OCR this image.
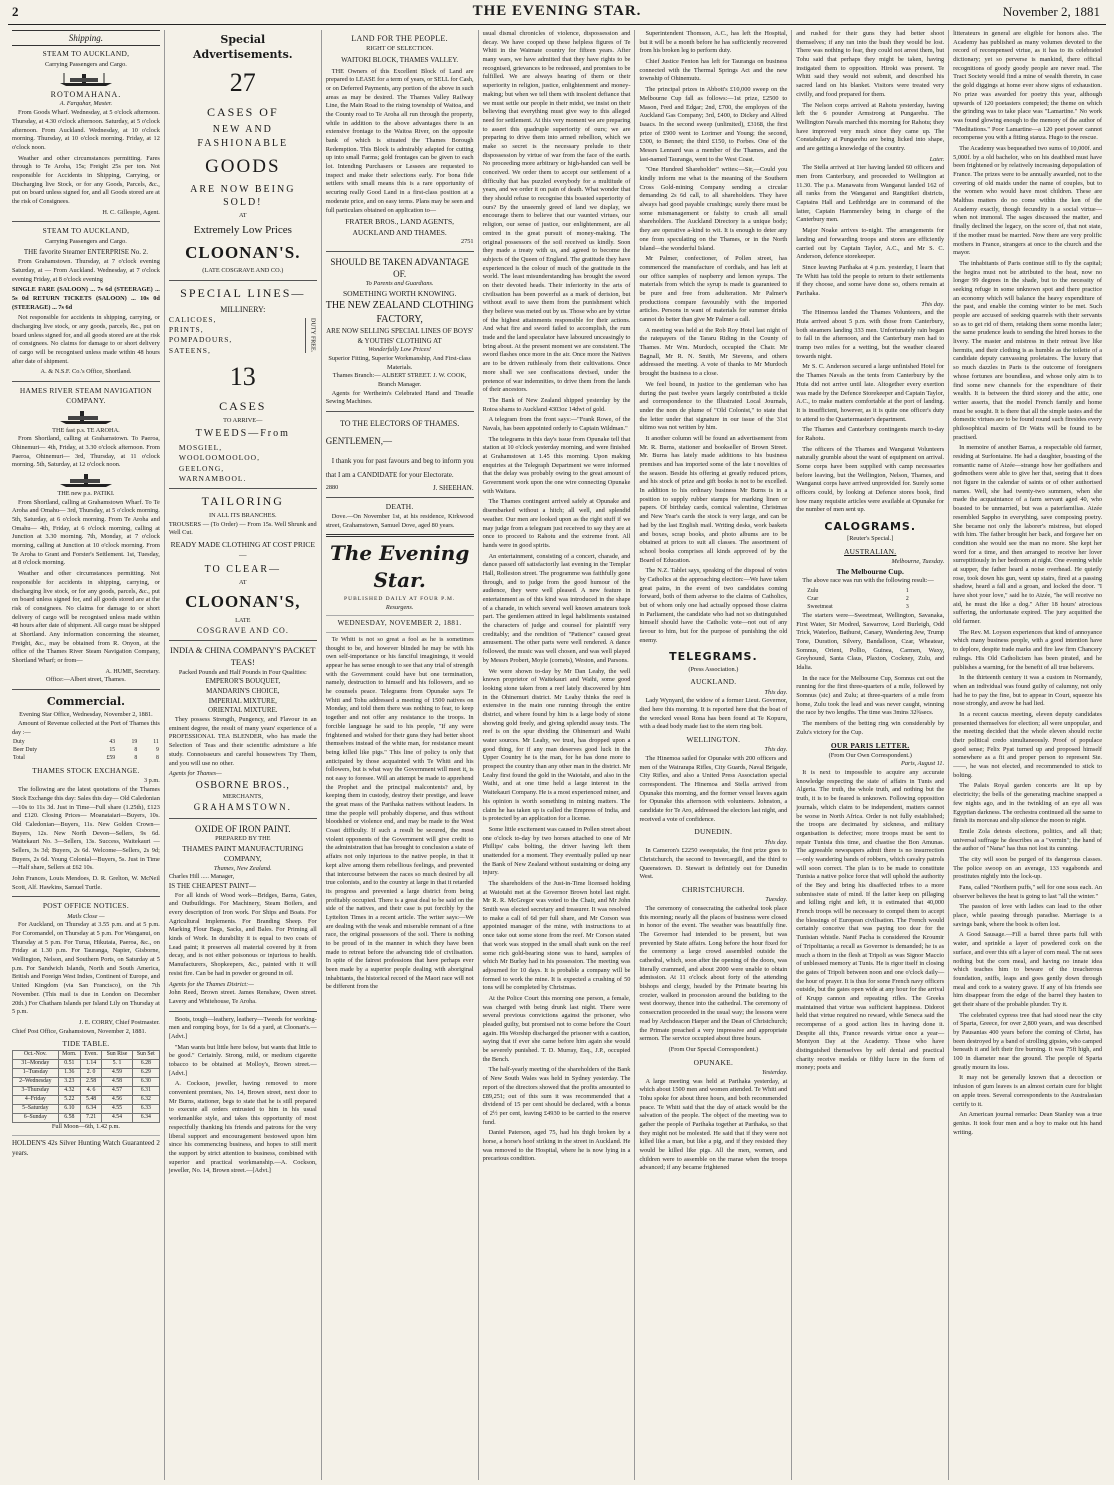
2	THE EVENING STAR.	November 2, 1881
Shipping.
STEAM TO AUCKLAND,
Carrying Passengers and Cargo.
ROTOMAHANA.
A. Farquhar, Master.

From Goods Wharf. Wednesday, at 5 o'clock afternoon. Thursday, at 4.30 o'clock afternoon. Saturday, at 5 o'clock afternoon. From Auckland. Wednesday, at 10 o'clock morning. Thursday, at 10 o'clock morning. Friday, at 12 o'clock noon.

Weather and other circumstances permitting. Fares through to Te Aroha, 15s; Freight 25s per ton. Not responsible for Accidents in Shipping, Carrying, or Discharging live Stock, or for any Goods, Parcels, &c., put on board unless signed for, and all Goods stored are at the risk of Consignees.

H. C. Gillespie, Agent.
STEAM TO AUCKLAND,
Carrying Passengers and Cargo.
THE favorite Steamer ENTERPRISE No. 2.

From Grahamstown. Thursday, at 7 o'clock evening Saturday, at — From Auckland. Wednesday, at 7 o'clock evening Friday, at 8 o'clock evening

SINGLE FARE (SALOON) ... 7s 6d (STEERAGE) ... 5s 0d RETURN TICKETS (SALOON) ... 10s 0d (STEERAGE) ... 7s 6d

Not responsible for accidents in shipping, carrying, or discharging live stock, or any goods, parcels, &c., put on board unless signed for, and all goods stored are at the risk of consignees. No claims for damage to or short delivery of cargo will be recognised unless made within 48 hours after date of shipment.

A. & N.S.F. Co.'s Office, Shortland.
HAMES RIVER STEAM NAVIGATION COMPANY.
THE fast p.s. TE AROHA.

From Shortland, calling at Grahamstown. To Paeroa, Ohinemuri— 4th, Friday, at 3.30 o'clock afternoon. From Paeroa, Ohinemuri— 3rd, Thursday, at 11 o'clock morning. 5th, Saturday, at 12 o'clock noon.

THE new p.s. PATIKI.

From Shortland, calling at Grahamstown Wharf. To Te Aroha and Omahu— 3rd, Thursday, at 5 o'clock morning. 5th, Saturday, at 6 o'clock morning. From Te Aroha and Omahu— 4th, Friday, at 6 o'clock morning, calling at Junction at 3.30 morning. 7th, Monday, at 7 o'clock morning, calling at Junction at 10 o'clock morning. From Te Aroha to Grant and Forster's Settlement. 1st, Tuesday, at 8 o'clock morning.

Weather and other circumstances permitting. Not responsible for accidents in shipping, carrying, or discharging live stock, or for any goods, parcels, &c., put on board unless signed for, and all goods stored are at the risk of consignees. No claims for damage to or short delivery of cargo will be recognised unless made within 48 hours after date of shipment. All cargo must be shipped at Shortland. Any information concerning the steamer, Freight, &c., may be obtained from R. Onyon, at the office of the Thames River Steam Navigation Company, Shortland Wharf; or from—

A. HUME, Secretary.
Office:—Albert street, Thames.
Commercial.
Evening Star Office, Wednesday, November 2, 1881.

Amount of Revenue collected at the Port of Thames this day :—

Duty	43	19	11
Beer Duty	15	8	9
Total	£59	8	8
THAMES STOCK EXCHANGE.
3 p.m.

The following are the latest quotations of the Thames Stock Exchange this day: Sales this day— Old Caledonian—10s to 11s 3d. Just in Time—Full share (1.25th), £123 and £120. Closing Prices— Moanataiari—Buyers, 10s. Old Caledonian—Buyers, 11s. New Golden Crown—Buyers, 12s. New North Devon—Sellers, 9s 6d. Waitekauri No. 3—Sellers, 13s. Success, Waitekauri — Sellers, 3s 3d; Buyers, 2s 6d. Welcome—Sellers, 2s 9d; Buyers, 2s 6d. Young Colonial—Buyers, 5s. Just in Time—Half share, Sellers at £62 10s.

John Frances, Louis Mendoes, D. R. Grelton, W. McNeil Scott, Alf. Hawkins, Samuel Turtle.

POST OFFICE NOTICES.
Mails Close —

For Auckland, on Thursday at 3.55 p.m. and at 5 p.m. For Coromandel, on Thursday at 5 p.m. For Wanganui, on Thursday at 5 p.m. For Turua, Hikutaia, Paeroa, &c., on Friday at 1.30 p.m. For Tauranga, Napier, Gisborne, Wellington, Nelson, and Southern Ports, on Saturday at 5 p.m. For Sandwich Islands, North and South America, British and Foreign West Indies, Continent of Europe, and United Kingdom (via San Francisco), on the 7th November. (This mail is due in London on December 20th.) For Chatham Islands per Island Lily on Thursday at 5 p.m.

J. E. CORRY, Chief Postmaster.
Chief Post Office, Grahamstown, November 2, 1881.
TIDE TABLE.
Oct.-Nov.	Morn.	Even.	Sun Rise	Sun Set
31–Monday	0.51	1.14	5. 1	6.28
1–Tuesday	1.36	2. 0	4.59	6.29
2–Wednesday	3.23	2.58	4.58	6.30
3–Thursday	4.32	4. 6	4.57	6.31
4–Friday	5.22	5.48	4.56	6.32
5–Saturday	6.10	6.34	4.55	6.33
6–Sunday	6.58	7.21	4.54	6.34
Full Moon—6th, 1.42 p.m.

HOLDEN'S 42s Silver Hunting Watch Guaranteed 2 years.

Special Advertisements.
27
CASES OF
NEW AND FASHIONABLE
GOODS
ARE NOW BEING SOLD!
AT
Extremely Low Prices
CLOONAN'S.
(LATE COSGRAVE AND CO.)
SPECIAL LINES—
MILLINERY:
CALICOES,
PRINTS,
POMPADOURS,
SATEENS,	DUTY FREE.
13
CASES
TO ARRIVE—
TWEEDS—From
MOSGIEL,
WOOLOOMOOLOO,
GEELONG,
WARNAMBOOL.
TAILORING
IN ALL ITS BRANCHES.

TROUSERS — (To Order) — From 15s. Well Shrunk and Well Cut.

READY MADE CLOTHING AT COST PRICE—
TO CLEAR—
AT
CLOONAN'S,
LATE
COSGRAVE AND CO.
INDIA & CHINA COMPANY'S PACKET TEAS!
Packed Pounds and Half Pounds in Four Qualities:
EMPEROR'S BOUQUET,
MANDARIN'S CHOICE,
IMPERIAL MIXTURE,
ORIENTAL MIXTURE.

They possess Strength, Pungency, and Flavour in an eminent degree, the result of many years' experience of a PROFESSIONAL TEA BLENDER, who has made the Selection of Teas and their scientific admixture a life study. Connoisseurs and careful housewives Try Them, and you will use no other.

Agents for Thames—
OSBORNE BROS.,
MERCHANTS,
GRAHAMSTOWN.
OXIDE OF IRON PAINT.
PREPARED BY THE
THAMES PAINT MANUFACTURING COMPANY,
Thames, New Zealand.
Charles Hill ..... Manager,
IS THE CHEAPEST PAINT—

For all kinds of Wood work—Bridges, Barns, Gates, and Outbuildings. For Machinery, Steam Boilers, and every description of Iron work. For Ships and Boats. For Agricultural Implements. For Branding Sheep. For Marking Flour Bags, Sacks, and Bales. For Priming all kinds of Work. In durability it is equal to two coats of Lead paint; it preserves all material covered by it from decay, and is not either poisonous or injurious to health. Manufacturers, Shopkeepers, &c., painted with it will resist fire. Can be had in powder or ground in oil.

Agents for the Thames District:—

John Reed, Brown street. James Renshaw, Owen street. Lavery and Whitehouse, Te Aroha.

Boots, tough—leathery, leathery—Tweeds for working-men and romping boys, for 1s 6d a yard, at Cloonan's.—[Advt.]

"Man wants but little here below, but wants that little to be good." Certainly. Strong, mild, or medium cigarette tobacco to be obtained at Molloy's, Brown street.—[Advt.]

A. Cockson, jeweller, having removed to more convenient premises, No. 14, Brown street, next door to Mr Burns, stationer, begs to state that he is still prepared to execute all orders entrusted to him in his usual workmanlike style, and takes this opportunity of most respectfully thanking his friends and patrons for the very liberal support and encouragement bestowed upon him since his commencing business, and hopes to still merit the support by strict attention to business, combined with superior and practical workmanship.—A. Cockson, jeweller, No. 14, Brown street.—[Advt.]

LAND FOR THE PEOPLE.
RIGHT OF SELECTION.
WAITOKI BLOCK, THAMES VALLEY.

THE Owners of this Excellent Block of Land are prepared to LEASE for a term of years, or SELL for Cash, or on Deferred Payments, any portion of the above in such areas as may be desired. The Thames Valley Railway Line, the Main Road to the rising township of Waitoa, and the County road to Te Aroha all run through the property, while in addition to the above advantages there is an extensive frontage to the Waitoa River, on the opposite bank of which is situated the Thames Borough Redemption. This Block is admirably adapted for cutting up into small Farms; gold frontages can be given to each lot. Intending Purchasers or Lessees are requested to inspect and make their selections early. For bona fide settlers with small means this is a rare opportunity of securing really Good Land in a first-class position at a moderate price, and on easy terms. Plans may be seen and full particulars obtained on application to—

FRATER BROS., LAND AGENTS, AUCKLAND AND THAMES.
2751
SHOULD BE TAKEN ADVANTAGE OF.
To Parents and Guardians.
SOMETHING WORTH KNOWING.
THE NEW ZEALAND CLOTHING FACTORY,
ARE NOW SELLING SPECIAL LINES OF BOYS' & YOUTHS' CLOTHING AT
Wonderfully Low Prices!
Superior Fitting, Superior Workmanship, And First-class Materials.
Thames Branch:— ALBERT STREET. J. W. COOK, Branch Manager.

Agents for Wertheim's Celebrated Hand and Treadle Sewing Machines.

TO THE ELECTORS OF THAMES.
GENTLEMEN,—

I thank you for past favours and beg to inform you that I am a CANDIDATE for your Electorate.

2880	J. SHEEHAN.
DEATH.

Dove.—On November 1st, at his residence, Kirkwood street, Grahamstown, Samuel Dove, aged 80 years.

The Evening Star.
PUBLISHED DAILY AT FOUR P.M.
Resurgens.
WEDNESDAY, NOVEMBER 2, 1881.

Te Whiti is not so great a fool as he is sometimes thought to be, and however blinded he may be with his own self-importance or his fanciful imaginings, it would appear he has sense enough to see that any trial of strength with the Government could have but one termination, namely, destruction to himself and his followers, and so he counsels peace. Telegrams from Opunake says Te Whiti and Tohu addressed a meeting of 1500 natives on Monday, and told them there was nothing to fear, to keep together and not offer any resistance to the troops. In forcible language he said to his people, "If any were frightened and wished for their guns they had better shoot themselves instead of the white man, for resistance meant being killed like pigs." This line of policy is only that anticipated by those acquainted with Te Whiti and his followers, but is what way the Government will meet it, is not easy to foresee. Will an attempt be made to apprehend the Prophet and the principal malcontents? and, by keeping them in custody, destroy their prestige, and leave the great mass of the Parihaka natives without leaders. In time the people will probably disperse, and thus without bloodshed or violence end, and may be made to the West Coast difficulty. If such a result be secured, the most violent opponents of the Government will give credit to the administration that has brought to conclusion a state of affairs not only injurious to the native people, in that it kept alive among them rebellious feelings, and prevented that intercourse between the races so much desired by all true colonists, and to the country at large in that it retarded its progress and prevented a large district from being profitably occupied. There is a great deal to be said on the side of the natives, and their case is put forcibly by the Lyttelton Times in a recent article. The writer says:—We are dealing with the weak and miserable remnant of a fine race, the original possessors of the soil. There is nothing to be proud of in the manner in which they have been made to retreat before the advancing tide of civilisation. In spite of the fairest professions that have perhaps ever been made by a superior people dealing with aboriginal inhabitants, the historical record of the Maori race will not be different from the

usual dismal chronicles of violence, dispossession and decay. We have cooped up these helpless figures of Te Whiti in the Waimate country for fifteen years. After many wars, we have admitted that they have rights to be recognised, grievances to be redressed, and promises to be fulfilled. We are always hearing of them or their superiority in religion, justice, enlightenment and money-making; but when we tell them with insolent defiance that we must settle our people in their midst, we insist on their believing that everything must give way to this alleged need for settlement. At this very moment we are preparing to assert this quadruple superiority of ours; we are preparing to drive them into armed rebellion, which we make so secret is the necessary prelude to their dispossession by virtue of war from the face of the earth. No proceeding more arbitrary or high-handed can well be conceived. We order them to accept our settlement of a difficulty that has puzzled everybody for a multitude of years, and we order it on pain of death. What wonder that they should refuse to recognise this boasted superiority of ours? By the unseemly greed of land we display, we encourage them to believe that our vaunted virtues, our religion, our sense of justice, our enlightenment, are all centred in the great pursuit of money-making. The original possessors of the soil received us kindly. Soon they made a treaty with us, and agreed to become the subjects of the Queen of England. The gratitude they have experienced is the colour of much of the gratitude in the world. The least misunderstanding has brought the sword on their devoted heads. Their inferiority in the arts of civilisation has been powerful as a mark of derision, but without avail to save them from the punishment which they believe was meted out by us. Those who are by virtue of the highest attainments responsible for their actions. And what fire and sword failed to accomplish, the rum trade and the land speculator have laboured unceasingly to bring about. At the present moment we are consistent. The sword flashes once more in the air. Once more the Natives are to be driven ruthlessly from their cultivations. Once more shall we see confiscations devised, under the pretence of war indemnities, to drive them from the lands of their ancestors.

The Bank of New Zealand shipped yesterday by the Rotoa shams to Auckland 4303oz 14dwt of gold.

A telegram from the front says:—"Frank Rowe, of the Navals, has been appointed orderly to Captain Wildman."

The telegrams in this day's issue from Opunake tell that station at 10 o'clock yesterday morning, and were finished at Grahamstown at 1.45 this morning. Upon making enquiries at the Telegraph Department we were informed that the delay was probably owing to the great amount of Government work upon the one wire connecting Opunake with Waitara.

The Thames contingent arrived safely at Opunake and disembarked without a hitch; all well, and splendid weather. Our men are looked upon as the right stuff if we may judge from a telegram just received to say they are at once to proceed to Rahotu and the extreme front. All hands were in good spirits.

An entertainment, consisting of a concert, charade, and dance passed off satisfactorily last evening in the Templar Hall, Rolleston street. The programme was faithfully gone through, and to judge from the good humour of the audience, they were well pleased. A new feature in entertainment as of this kind was introduced in the shape of a charade, in which several well known amateurs took part. The gentlemen attired in legal habiliments sustained the characters of judge and counsel for plaintiff very creditably; and the rendition of "Patience" caused great amusement. The other parts were well rendered. A dance followed, the music was well chosen, and was well played by Messrs Probert, Moyle (cornets), Weston, and Parsons.

We were shown to-day by Mr Dan Leahy, the well known proprietor of Waitekauri and Waihi, some good looking stone taken from a reef lately discovered by him in the Ohinemuri district. Mr Leahy thinks the reef is extensive in the main one running through the entire district, and where found by him is a large body of stone showing gold freely, and giving splendid assay tests. The reef is on the spur dividing the Ohinemuri and Waihi water sources. Mr Leahy, we trust, has dropped upon a good thing, for if any man deserves good luck in the Upper Country he is the man, for he has done more to prospect the country than any other man in the district. Mr Leahy first found the gold in the Waiotahi, and also in the Waihi, and at one time held a large interest in the Waitekauri Company. He is a most experienced miner, and his opinion is worth something in mining matters. The claim he has taken up is called the Empress of India, and is protected by an application for a license.

Some little excitement was caused in Pollen street about one o'clock to-day by two horses attached to one of Mr Phillips' cabs bolting, the driver having left them unattended for a moment. They eventually pulled up near the Bank of New Zealand without sustaining or doing any injury.

The shareholders of the Just-in-Time licensed holding at Waiotahi met at the Governor Brown hotel last night. Mr R. R. McGregor was voted to the Chair, and Mr John Smith was elected secretary and treasurer. It was resolved to make a call of 6d per full share, and Mr Corson was appointed manager of the mine, with instructions to at once take out some stone from the reef. Mr Corson stated that work was stopped in the small shaft sunk on the reef some rich gold-bearing stone was to hand, samples of which Mr Burley had in his possession. The meeting was adjourned for 10 days. It is probable a company will be formed to work the mine. It is expected a crushing of 50 tons will be completed by Christmas.

At the Police Court this morning one person, a female, was charged with being drunk last night. There were several previous convictions against the prisoner, who pleaded guilty, but promised not to come before the Court again. His Worship discharged the prisoner with a caution, saying that if ever she came before him again she would be severely punished. T. D. Murray, Esq., J.P., occupied the Bench.

The half-yearly meeting of the shareholders of the Bank of New South Wales was held in Sydney yesterday. The report of the directors showed that the profits amounted to £89,251; out of this sum it was recommended that a dividend of 15 per cent should be declared, with a bonus of 2½ per cent, leaving £4930 to be carried to the reserve fund.

Daniel Paterson, aged 75, had his thigh broken by a horse, a horse's hoof striking in the street in Auckland. He was removed to the Hospital, where he is now lying in a precarious condition.

Superintendent Thomson, A.C., has left the Hospital, but it will be a month before he has sufficiently recovered from his broken leg to perform duty.

Chief Justice Fenton has left for Tauranga on business connected with the Thermal Springs Act and the new township of Ohinemutu.

The principal prizes in Abbott's £10,000 sweep on the Melbourne Cup fall as follows:—1st prize, £2500 to Mason, Fred and Edgar; 2nd, £700, the employes of the Auckland Gas Company; 3rd, £400, to Dickey and Alfred Isaacs. In the second sweep (unlimited), £3168, the first prize of £900 went to Lorimer and Young; the second, £300, to Bennet; the third £150, to Forbes. One of the Messrs Lennard was a member of the Thames, and the last-named Tauranga, went to the West Coast.

"One Hundred Shareholder" writes:—Sir,—Could you kindly inform me what is the meaning of the Southern Cross Gold-mining Company sending a circular demanding 2s 6d call, to all shareholders. They have always had good payable crushings; surely there must be some mismanagement or falsity to crush all small shareholders. The Auckland Directory is a unique body; they are operative a-kind to wit. It is enough to deter any one from speculating on the Thames, or in the North Island—the wonderful Island.

Mr Palmer, confectioner, of Pollen street, has commenced the manufacture of cordials, and has left at our office samples of raspberry and lemon syrups. The materials from which the syrup is made is guaranteed to be pure and free from adulteration. Mr Palmer's productions compare favourably with the imported articles. Persons in want of materials for summer drinks cannot do better than give Mr Palmer a call.

A meeting was held at the Rob Roy Hotel last night of the ratepayers of the Tararu Riding in the County of Thames. Mr Wm. Murdoch, occupied the Chair. Mr Bagnall, Mr R. N. Smith, Mr Stevens, and others addressed the meeting. A vote of thanks to Mr Murdoch brought the business to a close.

We feel bound, in justice to the gentleman who has during the past twelve years largely contributed a tickle and correspondence to the Illustrated Local Journals, under the nom de plume of "Old Colonist," to state that the letter under that signature in our issue of the 31st ultimo was not written by him.

It another column will be found an advertisement from Mr. R. Burns, stationer and bookseller of Brown Street. Mr. Burns has lately made additions to his business premises and has imported some of the late t novelties of the season. Beside his offering at greatly reduced prices, and his stock of prize and gift books is not to be excelled. In addition to his ordinary business Mr Burns is in a position to supply rubber stamps for marking linen or papers. Of birthday cards, comical valentine, Christmas and New Year's cards the stock is very large, and can be had by the last English mail. Writing desks, work baskets and boxes, scrap books, and photo albums are to be obtained at prices to suit all classes. The assortment of school books comprises all kinds approved of by the Board of Education.

The N.Z. Tablet says, speaking of the disposal of votes by Catholics at the approaching election:—We have taken great pains, in the event of two candidates coming forward, both of them adverse to the claims of Catholics, but of whom only one had actually opposed those claims in Parliament, the candidate who had not so distinguished himself should have the Catholic vote—not out of any favour to him, but for the purpose of punishing the old enemy.

TELEGRAMS.
(Press Association.)
AUCKLAND.
This day.

Lady Wynyard, the widow of a former Lieut. Governor, died here this morning. It is reported here that the boat of the wrecked vessel Rona has been found at Te Kopuru, with a dead body made fast to the stern ring bolt.

WELLINGTON.
This day.

The Hinemoa sailed for Opunake with 200 officers and men of the Wairarapa Rifles, City Guards, Naval Brigade, City Rifles, and also a United Press Association special correspondent. The Hinemoa and Stella arrived from Opunake this morning, and the former vessel leaves again for Opunake this afternoon with volunteers. Johnston, a candidate for Te Aro, addressed the electors last night, and received a vote of confidence.

DUNEDIN.
This day.

In Cameron's £2250 sweepstake, the first prize goes to Christchurch, the second to Invercargill, and the third to Queenstown. D. Stewart is definitely out for Dunedin West.

CHRISTCHURCH.
Tuesday.

The ceremony of consecrating the cathedral took place this morning; nearly all the places of business were closed in honor of the event. The weather was beautifully fine. The Governor had intended to be present, but was prevented by State affairs. Long before the hour fixed for the ceremony a large crowd assembled outside the cathedral, which, soon after the opening of the doors, was literally crammed, and about 2000 were unable to obtain admission. At 11 o'clock about forty of the attending bishops and clergy, headed by the Primate bearing his crozier, walked in procession around the building to the west doorway, thence into the cathedral. The ceremony of consecration proceeded in the usual way; the lessons were read by Archdeacon Harper and the Dean of Christchurch; the Primate preached a very impressive and appropriate sermon. The service occupied about three hours.

(From Our Special Correspondent.)
OPUNAKE.
Yesterday.

A large meeting was held at Parihaka yesterday, at which about 1500 men and women attended. Te Whiti and Tohu spoke for about three hours, and both recommended peace. Te Whiti said that the day of attack would be the salvation of the people. The object of the meeting was to gather the people of Parihaka together at Parihaka, so that they might not be molested. He said that if they were not killed like a man, but like a pig, and if they resisted they would be killed like pigs. All the men, women, and children were to assemble on the marae when the troops advanced; if any became frightened

and rushed for their guns they had better shoot themselves; if any ran into the bush they would be lost. There was nothing to fear, they could not arrest them, but Tohu said that perhaps they might be taken, having instigated them to opposition. Hiroki was present. Te Whiti said they would not submit, and described his sacred land on his blanket. Visitors were treated very civilly, and food prepared for them.

The Nelson corps arrived at Rahotu yesterday, having left the 6 pounder Armstrong at Pungarehu. The Wellington Navals marched this morning for Rahotu; they have improved very much since they came up. The Constabulary at Pungarehu are being licked into shape, and are getting a knowledge of the country.

Later.

The Stella arrived at 1ter having landed 60 officers and men from Canterbury, and proceeded to Wellington at 11.30. The p.s. Manawatu from Wanganui landed 162 of all ranks from the Wanganui and Rangitikei districts, Captains Hall and Lethbridge are in command of the latter, Captain Hammersley being in charge of the Canterbury men.

Major Noake arrives to-night. The arrangements for landing and forwarding troops and stores are efficiently carried out by Captain Taylor, A.C., and Mr S. C. Anderson, defence storekeeper.

Since leaving Parihaka at 4 p.m. yesterday, I learn that Te Whiti has told the people to return to their settlements if they choose, and some have done so, others remain at Parihaka.

This day.

The Hinemoa landed the Thames Volunteers, and the Huia arrived about 5 p.m. with those from Canterbury, both steamers landing 333 men. Unfortunately rain began to fall in the afternoon, and the Canterbury men had to tramp two miles for a wetting, but the weather cleared towards night.

Mr S. C. Anderson secured a large unfinished Hotel for the Thames Navals as the tents from Canterbury by the Huia did not arrive until late. Altogether every exertion was made by the Defence Storekeeper and Captain Taylor, A.C., to make matters comfortable at the port of landing. It is insufficient, however, as it is quite one officer's duty to attend to the Quartermaster's department.

The Thames and Canterbury contingents march to-day for Rahotu.

The officers of the Thames and Wanganui Volunteers naturally grumble about the want of equipment on arrival. Some corps have been supplied with camp necessaries before leaving, but the Wellington, Nelson, Thames, and Wanganui corps have arrived unprovided for. Surely some officers could, by looking at Defence stores book, find how many requisite articles were available at Opunake for the number of men sent up.

CALOGRAMS.
[Reuter's Special.]
AUSTRALIAN.
Melbourne, Tuesday.
The Melbourne Cup.

The above race was run with the following result:—

Zulu	1
Czar	2
Sweetmeat	3

The starters were—Sweetmeat, Wellington, Savanaka, First Water, Sir Modred, Sawarrow, Lord Burleigh, Odd Trick, Waterloo, Bathurst, Canary, Wandering Jew, Trump Tone, Duration, Silvery, Bandalloon, Czar, Wheatear, Somnus, Orient, Pollio, Guinea, Carmen, Waxy, Greyhound, Santa Claus, Plaxton, Cockney, Zulu, and Idalia.

In the race for the Melbourne Cup, Somnus cut out the running for the first three-quarters of a mile, followed by Somnus (sic) and Zulu; at three-quarters of a mile from home, Zulu took the lead and was never caught, winning the race by two lengths. The time was 3mins 32¾secs.

The members of the betting ring win considerably by Zulu's victory for the Cup.

OUR PARIS LETTER.
(From Our Own Correspondent.)
Paris, August 11.

It is next to impossible to acquire any accurate knowledge respecting the state of affairs in Tunis and Algeria. The truth, the whole truth, and nothing but the truth, it is to be feared is unknown. Following opposition journals, which claim to be independent, matters cannot be worse in North Africa. Order is not fully established; the troops are decimated by sickness, and military organisation is defective; more troops must be sent to repair Tunisia this time, and chastise the Bon Amunas. The agreeable newspapers admit there is no insurrection—only wandering bands of robbers, which cavalry patrols will soon correct. The plan is to be made to constitute Tunisia a native police force that will uphold the authority of the Bey and bring his disaffected tribes to a more submissive state of mind. If the latter keep on pillaging and killing right and left, it is estimated that 40,000 French troops will be necessary to compel them to accept the blessings of European civilisation. The French would certainly conceive that was paying too dear for the Tunisian whistle. Nanif Pacha is considered the Kroumir of Tripolitania; a recall as Governor is demanded; he is as much a thorn in the flesh at Tripoli as was Signor Maccio of unblessed memory at Tunis. He is rigor itself in closing the gates of Tripoli between noon and one o'clock daily—the hour of prayer. It is thus for some French navy officers outside, but the gates open wide at any hour for the arrival of Krupp cannon and repeating rifles. The Greeks maintained that virtue was sufficient happiness. Didorot held that virtue required no reward, while Seneca said the recompense of a good action lies in having done it. Despite all this, France rewards virtue once a year—Montyon Day at the Academy. Those who have distinguished themselves by self denial and practical charity receive medals or filthy lucre in the form of money; poets and

litterateurs in general are eligible for honors also. The Academy has published as many volumes devoted to the record of recompensed virtue, as it has to its celebrated dictionary; yet so perverse is mankind, there official recognitions of goody goody people are never read. The Tract Society would find a mine of wealth therein, in case the gold diggings at home ever show signs of exhaustion. No prize was awarded for poetry this year, although upwards of 120 poetasters competed; the theme on which the grinding was to take place was "Lamartine." No work was found glowing enough to the memory of the author of "Meditations." Poor Lamartine—a 120 poet power cannot recompense you with a fitting stanza. Hugo to the rescue.

The Academy was bequeathed two sums of 10,000f. and 5,000f. by a old bachelor, who on his deathbed must have been frightened or by relatively increasing depopulation of France. The prizes were to be annually awarded, not to the covering of old maids under the name of couples, but to the women who would have most children. These are Malthus matters do no come within the ken of the Academy exactly, though fecundity is a social virtue—when not immoral. The sages discussed the matter, and finally declined the legacy, on the score of, that not state, if the mother must be married. Now there are very prolific mothers in France, strangers at once to the church and the mayor.

The inhabitants of Paris continue still to fly the capital; the hegira must not be attributed to the heat, now no longer 99 degrees in the shade, but to the necessity of seeking refuge in some unknown spot and there practice an economy which will balance the heavy expenditure of the past, and enable the coming winter to be met. Such people are accused of seeking quarrels with their servants so as to get rid of them, retaking them some months later; the same prudence leads to sending the hired horses to the livery. The master and mistress in their retreat live like hermits, and their clothing is as humble as the toilette of a candidate deputy canvassing proletaires. The luxury that so much dazzles in Paris is the outcome of foreigners whose fortunes are boundless, and whose only aim is to find some new channels for the expenditure of their wealth. It is between the third storey and the attic, one writer asserts, that the model French family and home must be sought. It is there that all the simple tastes and the domestic virtues are to be found round such firesides every philosophical maxim of Dr Watts will be found to be practised.

In memoire of another Barras, a respectable old farmer, residing at Surfontaine. He had a daughter, boasting of the romantic name of Aizée—strange how her godfathers and godmothers were able to give her that, seeing that it does not figure in the calendar of saints or of other authorised names. Well, she had twenty-two summers, when she made the acquaintance of a farm servant aged 40, who boasted to be unmarried, but was a paterfamilias. Aizée resembled Sappho in everything, save composing poetry. She became not only the laborer's mistress, but eloped with him. The father brought her back, and forgave her on condition she would see the man no more. She kept her word for a time, and then arranged to receive her lover surreptitiously in her bedroom at night. One evening while at supper, the father heard a noise overhead. He quietly rose, took down his gun, went up stairs, fired at a passing shadow, heard a fall and a groan, and locked the door. "I have shot your love," said he to Aizée, "he will receive no aid, he must die like a dog." After 18 hours' atrocious suffering, the unfortunate expired. The jury acquitted the old farmer.

The Rev. M. Loyson experiences that kind of annoyance which many business people, with a good intention have to deplore, despite trade marks and fire law firm Chancery rulings. His Old Catholicism has been pirated, and he publishes a warning, for the benefit of all true believers.

In the thirteenth century it was a custom in Normandy, when an individual was found guilty of calumny, not only had he to pay the fine, but to appear in Court, squeeze his nose strongly, and avow he had lied.

In a recent caucus meeting, eleven deputy candidates presented themselves for election; all were unpopular, and the meeting decided that the whole eleven should recite their political credo simultaneously. Proof of populace good sense; Felix Pyat turned up and proposed himself somewhere as a fit and proper person to represent Ste. ——, he was not elected, and recommended to stick to bolting.

The Palais Royal garden concerts are lit up by electricity; the bells of the generating machine snapped a few nights ago, and in the twinkling of an eye all was Egyptian darkness. The orchestra continued all the same to finish its morceau and slip silence the moon to night.

Emile Zola detests elections, politics, and all that; universal suffrage he describes as a "vermin"; the hand of the author of "Nana" has thus not lost its cunning.

The city will soon be purged of its dangerous classes. The police swoop on an average, 133 vagabonds and prostitutes nightly into the lock-up.

Fans, called "Northern puffs," sell for one sous each. An observer believes the heat is going to last "all the winter."

The passion of love with ladies can lead to the other place, while passing through paradise. Marriage is a savings bank, where the book is often lost.

A Good Sausage.—Fill a barrel three parts full with water, and sprinkle a layer of powdered cork on the surface, and over this sift a layer of corn meal. The rat sees nothing but the corn meal, and having no innate idea which teaches him to beware of the treacherous foundation, sniffs, leaps and goes gently down through meal and cork to a watery grave. If any of his friends see him disappear from the edge of the barrel they hasten to get their share of the probable plunder. Try it.

The celebrated cypress tree that had stood near the city of Sparta, Greece, for over 2,800 years, and was described by Pausanias 400 years before the coming of Christ, has been destroyed by a band of strolling gipsies, who camped beneath it and left their fire burning. It was 75ft high, and 100 in diameter near the ground. The people of Sparta greatly mourn its loss.

It may not be generally known that a decoction or infusion of gum leaves is an almost certain cure for blight on apple trees. Several correspondents to the Australasian certify to it.

An American journal remarks: Dean Stanley was a true genius. It took four men and a boy to make out his hand writing.
